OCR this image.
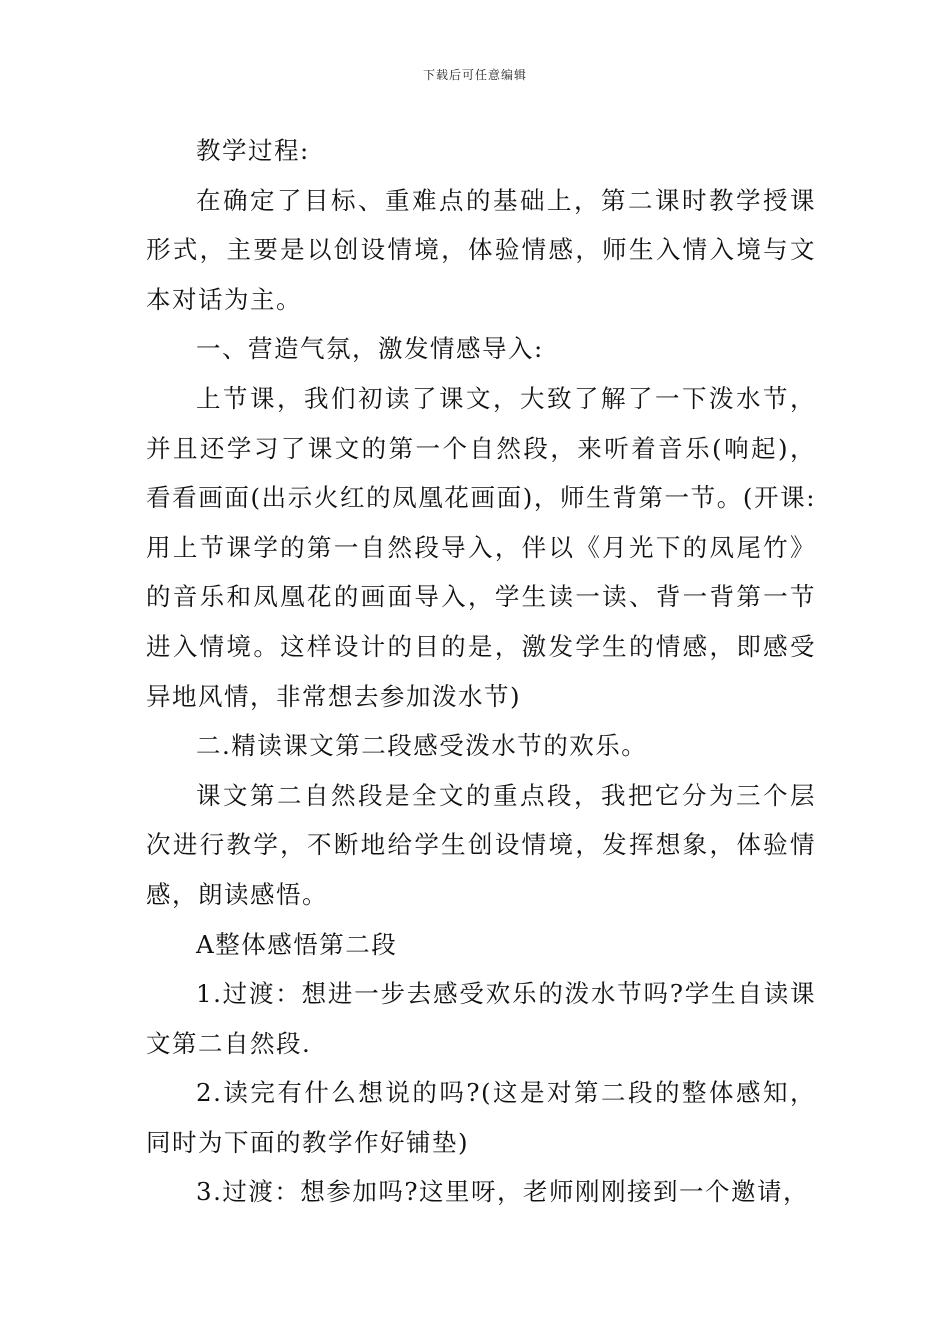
下载后可任意编辑

教学过程:

在确定了目标、重难点的基础上，第二课时教学授课形式，主要是以创设情境，体验情感，师生入情入境与文本对话为主。

一、营造气氛，激发情感导入:

上节课，我们初读了课文，大致了解了一下泼水节，并且还学习了课文的第一个自然段，来听着音乐(响起)，看看画面(出示火红的凤凰花画面)，师生背第一节。(开课:用上节课学的第一自然段导入，伴以《月光下的凤尾竹》的音乐和凤凰花的画面导入，学生读一读、背一背第一节进入情境。这样设计的目的是，激发学生的情感，即感受异地风情，非常想去参加泼水节)

二.精读课文第二段感受泼水节的欢乐。

课文第二自然段是全文的重点段，我把它分为三个层次进行教学，不断地给学生创设情境，发挥想象，体验情感，朗读感悟。

A整体感悟第二段

1.过渡：想进一步去感受欢乐的泼水节吗?学生自读课文第二自然段.

2.读完有什么想说的吗?(这是对第二段的整体感知，同时为下面的教学作好铺垫)

3.过渡：想参加吗?这里呀，老师刚刚接到一个邀请，
